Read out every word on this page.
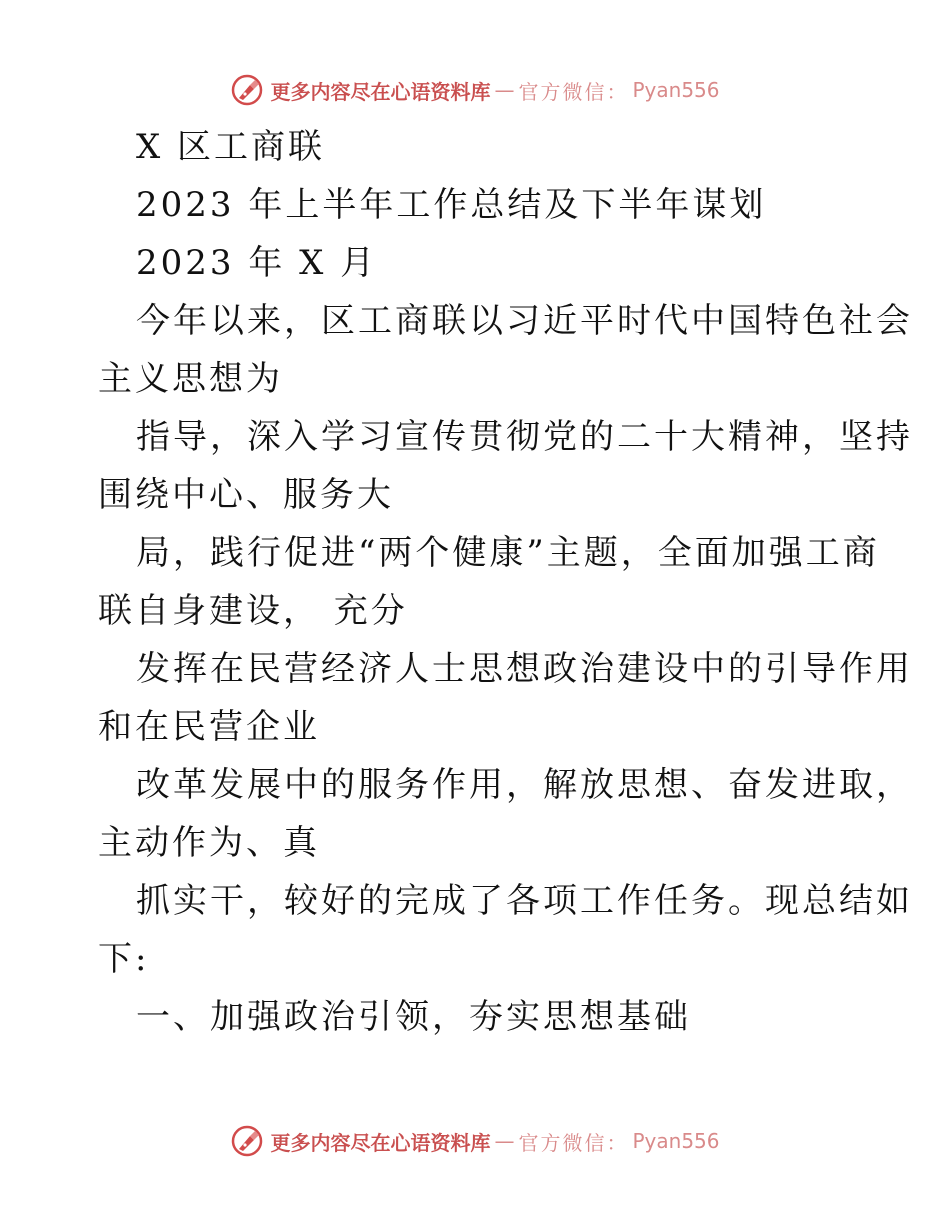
更多内容尽在心语资料库 — 官方微信： Pyan556
X 区工商联
2023 年上半年工作总结及下半年谋划
2023 年 X 月
今年以来，区工商联以习近平时代中国特色社会
主义思想为
指导，深入学习宣传贯彻党的二十大精神，坚持
围绕中心、服务大
局，践行促进“两个健康”主题，全面加强工商
联自身建设， 充分
发挥在民营经济人士思想政治建设中的引导作用
和在民营企业
改革发展中的服务作用，解放思想、奋发进取，
主动作为、真
抓实干，较好的完成了各项工作任务。现总结如
下:
一、加强政治引领，夯实思想基础
更多内容尽在心语资料库 — 官方微信： Pyan556
